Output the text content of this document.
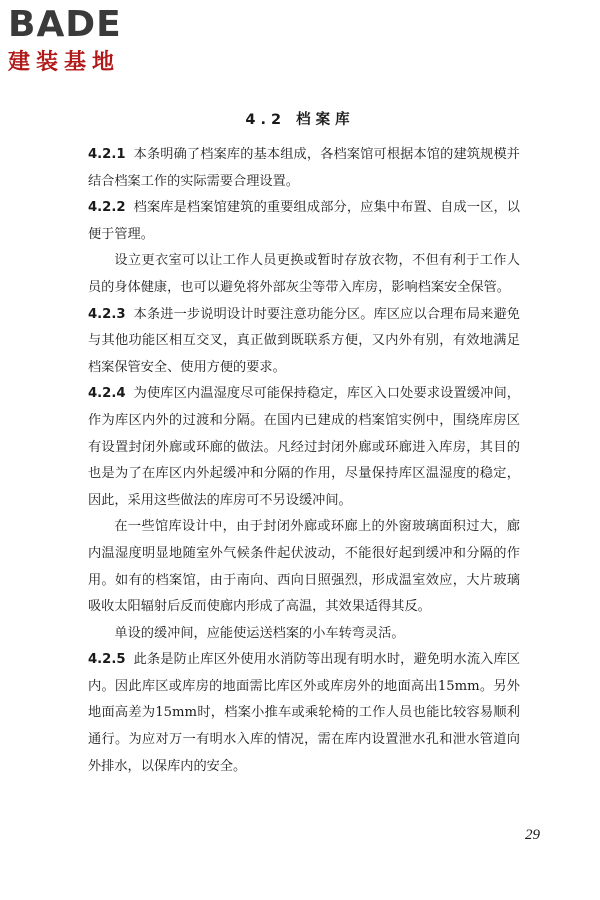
BADE

建装基地

4.2 档案库

4.2.1 本条明确了档案库的基本组成，各档案馆可根据本馆的建筑规模并结合档案工作的实际需要合理设置。

4.2.2 档案库是档案馆建筑的重要组成部分，应集中布置、自成一区，以便于管理。

设立更衣室可以让工作人员更换或暂时存放衣物，不但有利于工作人员的身体健康，也可以避免将外部灰尘等带入库房，影响档案安全保管。

4.2.3 本条进一步说明设计时要注意功能分区。库区应以合理布局来避免与其他功能区相互交叉，真正做到既联系方便，又内外有别，有效地满足档案保管安全、使用方便的要求。

4.2.4 为使库区内温湿度尽可能保持稳定，库区入口处要求设置缓冲间，作为库区内外的过渡和分隔。在国内已建成的档案馆实例中，围绕库房区有设置封闭外廊或环廊的做法。凡经过封闭外廊或环廊进入库房，其目的也是为了在库区内外起缓冲和分隔的作用，尽量保持库区温湿度的稳定，因此，采用这些做法的库房可不另设缓冲间。

在一些馆库设计中，由于封闭外廊或环廊上的外窗玻璃面积过大，廊内温湿度明显地随室外气候条件起伏波动，不能很好起到缓冲和分隔的作用。如有的档案馆，由于南向、西向日照强烈，形成温室效应，大片玻璃吸收太阳辐射后反而使廊内形成了高温，其效果适得其反。

单设的缓冲间，应能使运送档案的小车转弯灵活。

4.2.5 此条是防止库区外使用水消防等出现有明水时，避免明水流入库区内。因此库区或库房的地面需比库区外或库房外的地面高出15mm。另外地面高差为15mm时，档案小推车或乘轮椅的工作人员也能比较容易顺利通行。为应对万一有明水入库的情况，需在库内设置泄水孔和泄水管道向外排水，以保库内的安全。

29
